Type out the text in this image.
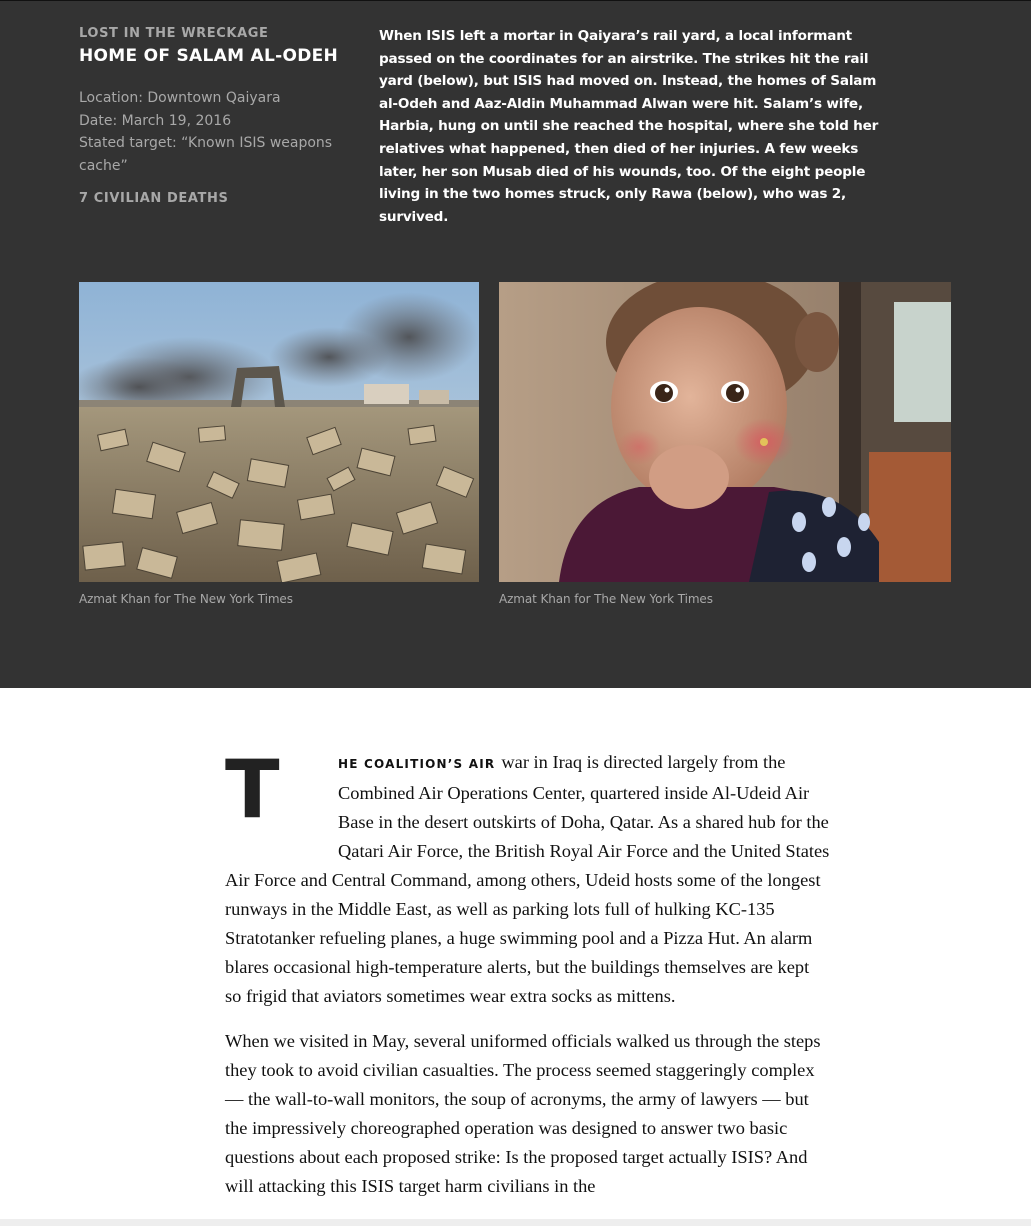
LOST IN THE WRECKAGE
HOME OF SALAM AL-ODEH
Location: Downtown Qaiyara
Date: March 19, 2016
Stated target: “Known ISIS weapons cache”
7 CIVILIAN DEATHS
When ISIS left a mortar in Qaiyara’s rail yard, a local informant passed on the coordinates for an airstrike. The strikes hit the rail yard (below), but ISIS had moved on. Instead, the homes of Salam al-Odeh and Aaz-Aldin Muhammad Alwan were hit. Salam’s wife, Harbia, hung on until she reached the hospital, where she told her relatives what happened, then died of her injuries. A few weeks later, her son Musab died of his wounds, too. Of the eight people living in the two homes struck, only Rawa (below), who was 2, survived.
Azmat Khan for The New York Times	Azmat Khan for The New York Times
T	HE COALITION’S AIR war in Iraq is directed largely from the Combined Air Operations Center, quartered inside Al-Udeid Air Base in the desert outskirts of Doha, Qatar. As a shared hub for the Qatari Air Force, the British Royal Air Force and the United States Air Force and Central Command, among others, Udeid hosts some of the longest runways in the Middle East, as well as parking lots full of hulking KC-135 Stratotanker refueling planes, a huge swimming pool and a Pizza Hut. An alarm blares occasional high-temperature alerts, but the buildings themselves are kept so frigid that aviators sometimes wear extra socks as mittens.

When we visited in May, several uniformed officials walked us through the steps they took to avoid civilian casualties. The process seemed staggeringly complex — the wall-to-wall monitors, the soup of acronyms, the army of lawyers — but the impressively choreographed operation was designed to answer two basic questions about each proposed strike: Is the proposed target actually ISIS? And will attacking this ISIS target harm civilians in the
